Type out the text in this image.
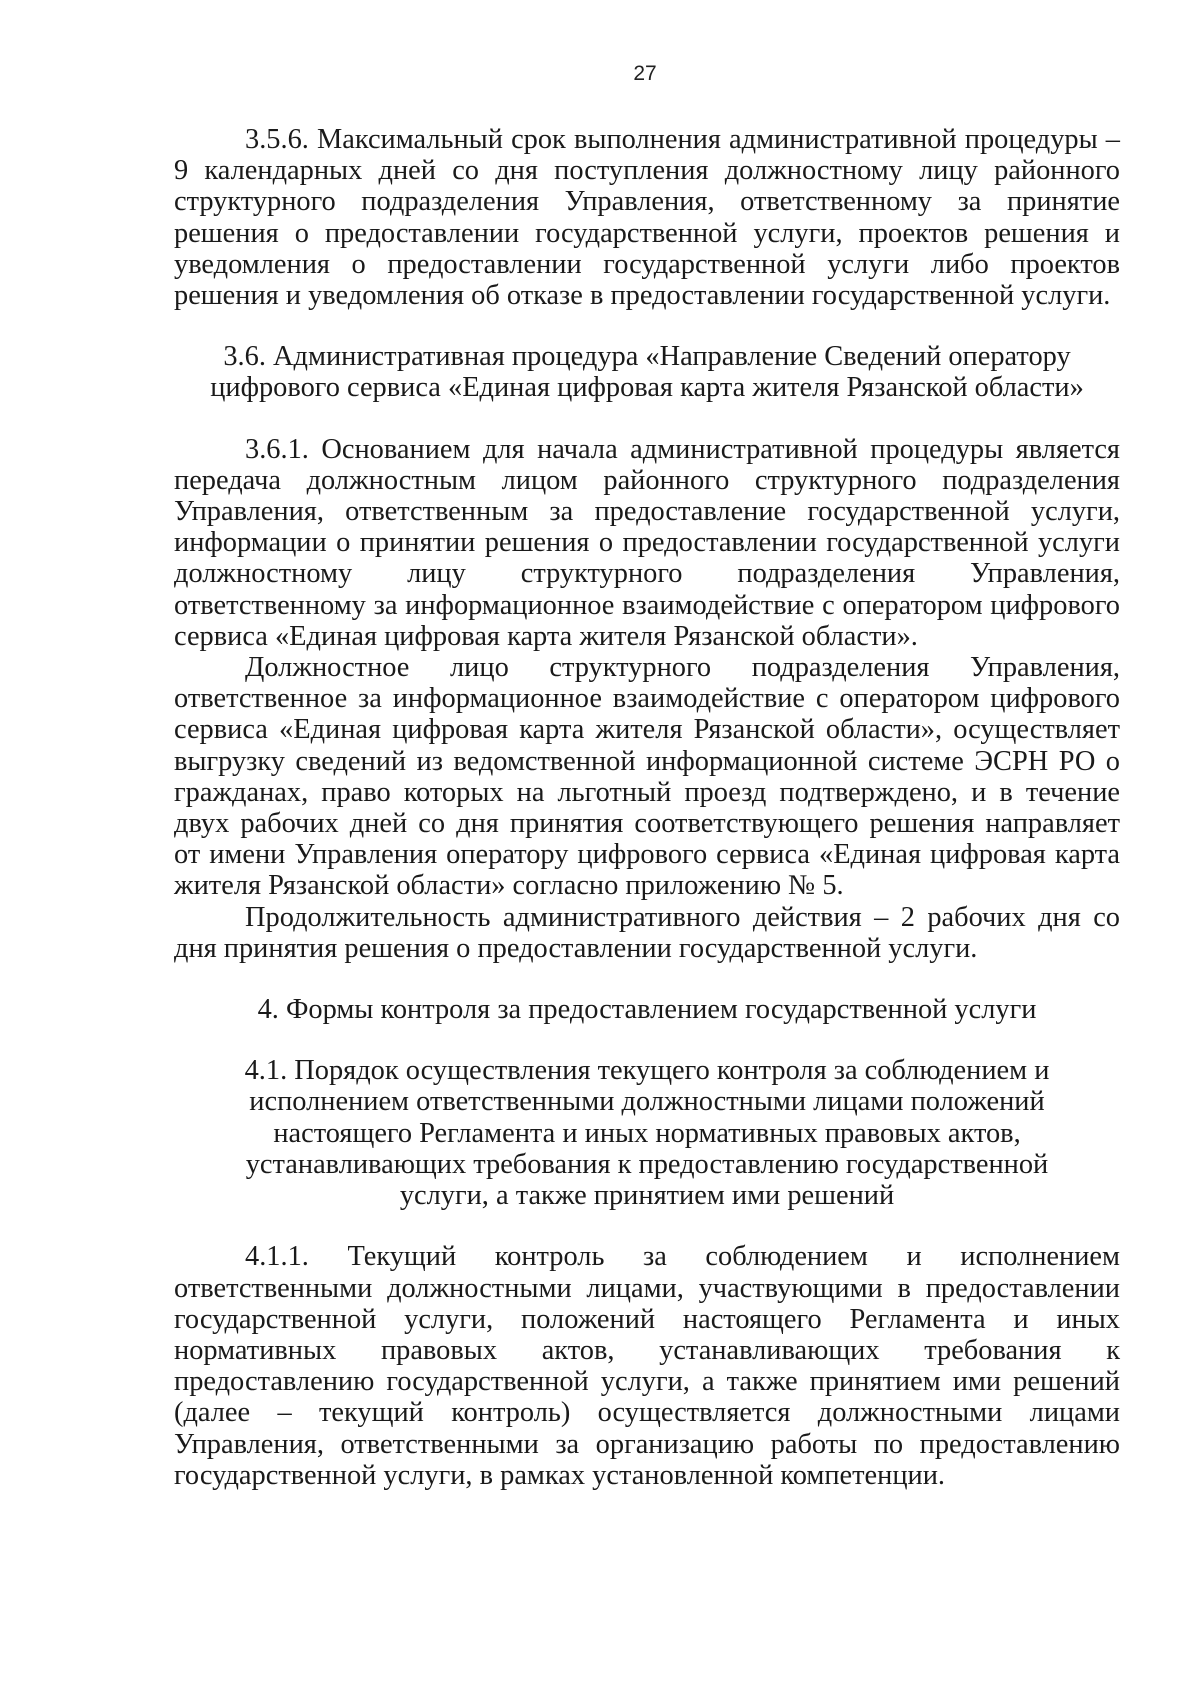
27

3.5.6. Максимальный срок выполнения административной процедуры – 9 календарных дней со дня поступления должностному лицу районного структурного подразделения Управления, ответственному за принятие решения о предоставлении государственной услуги, проектов решения и уведомления о предоставлении государственной услуги либо проектов решения и уведомления об отказе в предоставлении государственной услуги.

3.6. Административная процедура «Направление Сведений оператору

цифрового сервиса «Единая цифровая карта жителя Рязанской области»

3.6.1. Основанием для начала административной процедуры является передача должностным лицом районного структурного подразделения Управления, ответственным за предоставление государственной услуги, информации о принятии решения о предоставлении государственной услуги должностному лицу структурного подразделения Управления, ответственному за информационное взаимодействие с оператором цифрового сервиса «Единая цифровая карта жителя Рязанской области».

Должностное лицо структурного подразделения Управления, ответственное за информационное взаимодействие с оператором цифрового сервиса «Единая цифровая карта жителя Рязанской области», осуществляет выгрузку сведений из ведомственной информационной системе ЭСРН РО о гражданах, право которых на льготный проезд подтверждено, и в течение двух рабочих дней со дня принятия соответствующего решения направляет от имени Управления оператору цифрового сервиса «Единая цифровая карта жителя Рязанской области» согласно приложению № 5.

Продолжительность административного действия – 2 рабочих дня со дня принятия решения о предоставлении государственной услуги.

4. Формы контроля за предоставлением государственной услуги

4.1. Порядок осуществления текущего контроля за соблюдением и

исполнением ответственными должностными лицами положений

настоящего Регламента и иных нормативных правовых актов,

устанавливающих требования к предоставлению государственной

услуги, а также принятием ими решений

4.1.1. Текущий контроль за соблюдением и исполнением ответственными должностными лицами, участвующими в предоставлении государственной услуги, положений настоящего Регламента и иных нормативных правовых актов, устанавливающих требования к предоставлению государственной услуги, а также принятием ими решений (далее – текущий контроль) осуществляется должностными лицами Управления, ответственными за организацию работы по предоставлению государственной услуги, в рамках установленной компетенции.
